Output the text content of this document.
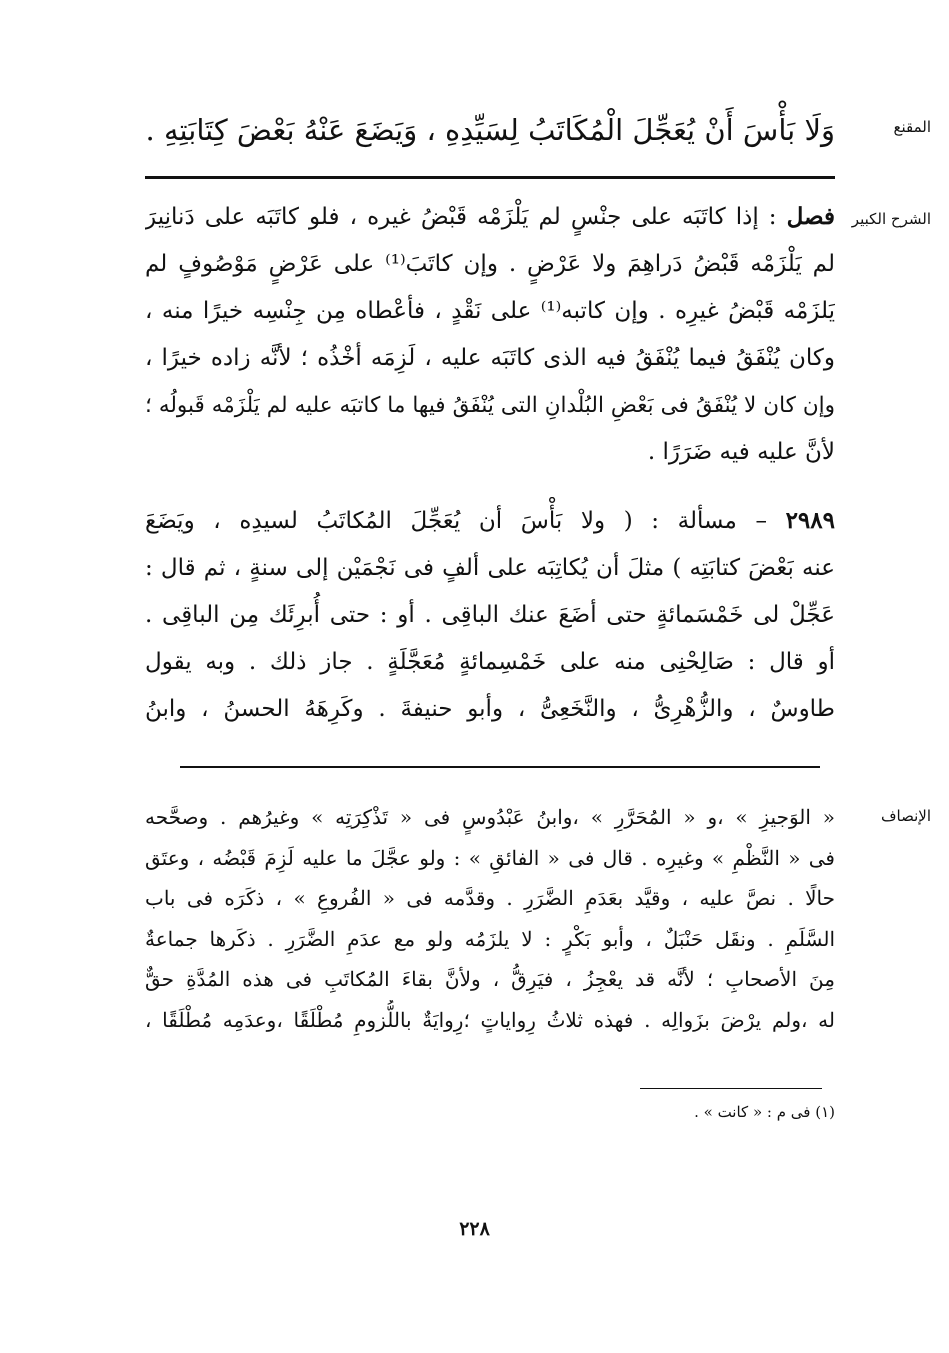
المقنع
وَلَا بَأْسَ أَنْ يُعَجِّلَ الْمُكَاتَبُ لِسَيِّدِهِ ، وَيَضَعَ عَنْهُ بَعْضَ كِتَابَتِهِ .
الشرح الكبير
فصل : إذا كاتَبَه على جنْسٍ لم يَلْزَمْه قَبْضُ غيره ، فلو كاتَبَه على دَنانِيرَ
لم يَلْزَمْه قَبْضُ دَراهِمَ ولا عَرْضٍ . وإن كاتَبَ⁽¹⁾ على عَرْضٍ مَوْصُوفٍ لم
يَلزَمْه قَبْضُ غيرِه . وإن كاتبه⁽¹⁾ على نَقْدٍ ، فأعْطاه مِن جِنْسِه خيرًا منه ،
وكان يُنْفَقُ فيما يُنْفَقُ فيه الذى كاتَبَه عليه ، لَزِمَه أخْذُه ؛ لأنَّه زاده خيرًا ،
وإن كان لا يُنْفَقُ فى بَعْضِ البُلْدانِ التى يُنْفَقُ فيها ما كاتبَه عليه لم يَلْزَمْه قَبولُه ؛
لأنَّ عليه فيه ضَرَرًا .
٢٩٨٩ – مسألة : ( ولا بَأْسَ أن يُعَجِّلَ المُكاتَبُ لسيدِه ، ويَضَعَ
عنه بَعْضَ كتابَتِه ) مثلَ أن يُكاتِبَه على ألفٍ فى نَجْمَيْن إلى سنةٍ ، ثم قال :
عَجِّلْ لى خَمْسَمائةٍ حتى أضَعَ عنك الباقِى . أو : حتى أُبرِئَك مِن الباقِى .
أو قال : صَالِحْنِى منه على خَمْسِمائةٍ مُعَجَّلَةٍ . جاز ذلك . وبه يقول
طاوسٌ ، والزُّهْرِىُّ ، والنَّخَعِىُّ ، وأبو حنيفةَ . وكَرِهَهُ الحسنُ ، وابنُ
الإنصاف
« الوَجيزِ » ،و « المُحَرَّرِ » ،وابنُ عَبْدُوسٍ فى « تَذْكِرَتِه » وغيرُهم . وصحَّحه
فى « النَّظْمِ » وغيرِه . قال فى « الفائقِ » : ولو عجَّلَ ما عليه لَزِمَ قَبْضُه ، وعتَق
حالًا . نصَّ عليه ، وقيَّد بعَدَمِ الضَّرَرِ . وقدَّمه فى « الفُروعِ » ، ذكَرَه فى باب
السَّلَمِ . ونقَل حَنْبَلٌ ، وأبو بَكْرٍ : لا يلزَمُه ولو مع عدَمِ الضَّرَرِ . ذكَرها جماعةٌ
مِنَ الأصحابِ ؛ لأنَّه قد يعْجِزُ ، فيَرِقُّ ، ولأنَّ بقاءَ المُكاتَبِ فى هذه المُدَّةِ حقٌّ
له ،ولم يرْضَ بزَوالِه . فهذه ثلاثُ رِواياتٍ ؛رِوايَةٌ باللُّزومِ مُطْلَقًا ،وعدَمِه مُطْلَقًا ،
(١) فى م : « كانت » .
٢٢٨
